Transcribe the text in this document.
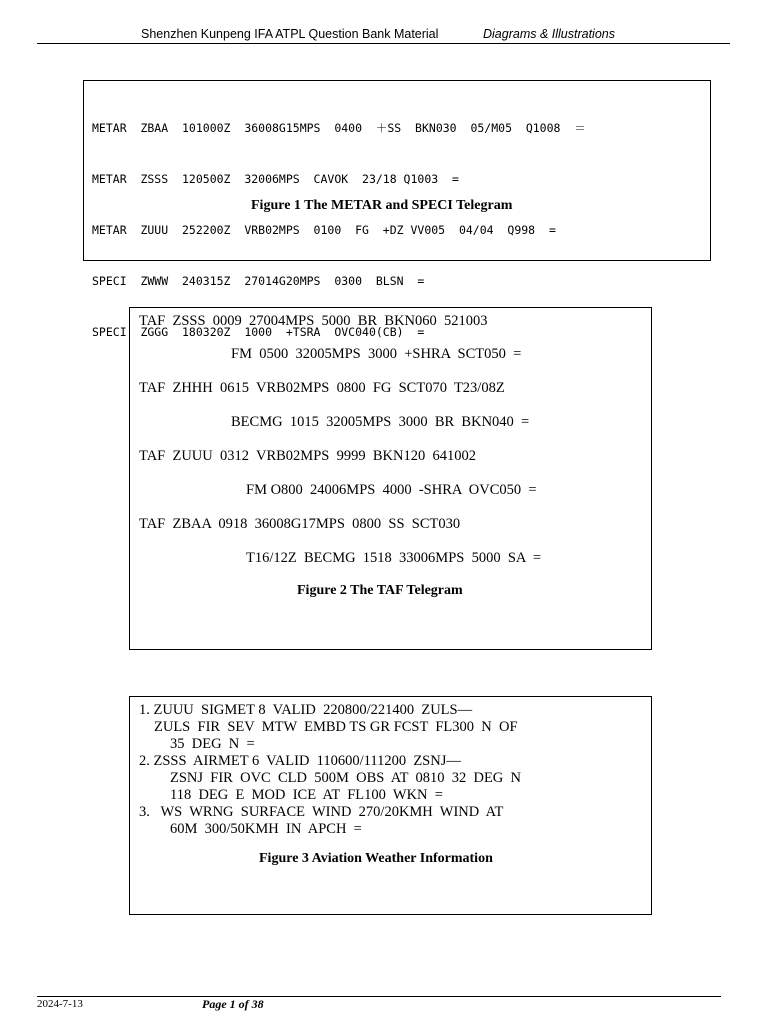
Shenzhen Kunpeng IFA ATPL Question Bank Material	Diagrams & Illustrations

METAR  ZBAA  101000Z  36008G15MPS  0400  ＋SS  BKN030  05/M05  Q1008  ＝

METAR  ZSSS  120500Z  32006MPS  CAVOK  23/18 Q1003  =

METAR  ZUUU  252200Z  VRB02MPS  0100  FG  +DZ VV005  04/04  Q998  =

SPECI  ZWWW  240315Z  27014G20MPS  0300  BLSN  =

SPECI  ZGGG  180320Z  1000  +TSRA  OVC040(CB)  =

Figure 1 The METAR and SPECI Telegram
TAF  ZSSS  0009  27004MPS  5000  BR  BKN060  521003
FM  0500  32005MPS  3000  +SHRA  SCT050  =
TAF  ZHHH  0615  VRB02MPS  0800  FG  SCT070  T23/08Z
BECMG  1015  32005MPS  3000  BR  BKN040  =
TAF  ZUUU  0312  VRB02MPS  9999  BKN120  641002
FM O800  24006MPS  4000  -SHRA  OVC050  =
TAF  ZBAA  0918  36008G17MPS  0800  SS  SCT030
T16/12Z  BECMG  1518  33006MPS  5000  SA  =
Figure 2 The TAF Telegram
1. ZUUU  SIGMET 8  VALID  220800/221400  ZULS—
ZULS  FIR  SEV  MTW  EMBD TS GR FCST  FL300  N  OF
35  DEG  N  =
2. ZSSS  AIRMET 6  VALID  110600/111200  ZSNJ—
ZSNJ  FIR  OVC  CLD  500M  OBS  AT  0810  32  DEG  N
118  DEG  E  MOD  ICE  AT  FL100  WKN  =
3.   WS  WRNG  SURFACE  WIND  270/20KMH  WIND  AT
60M  300/50KMH  IN  APCH  =
Figure 3 Aviation Weather Information
2024-7-13	Page 1 of 38
